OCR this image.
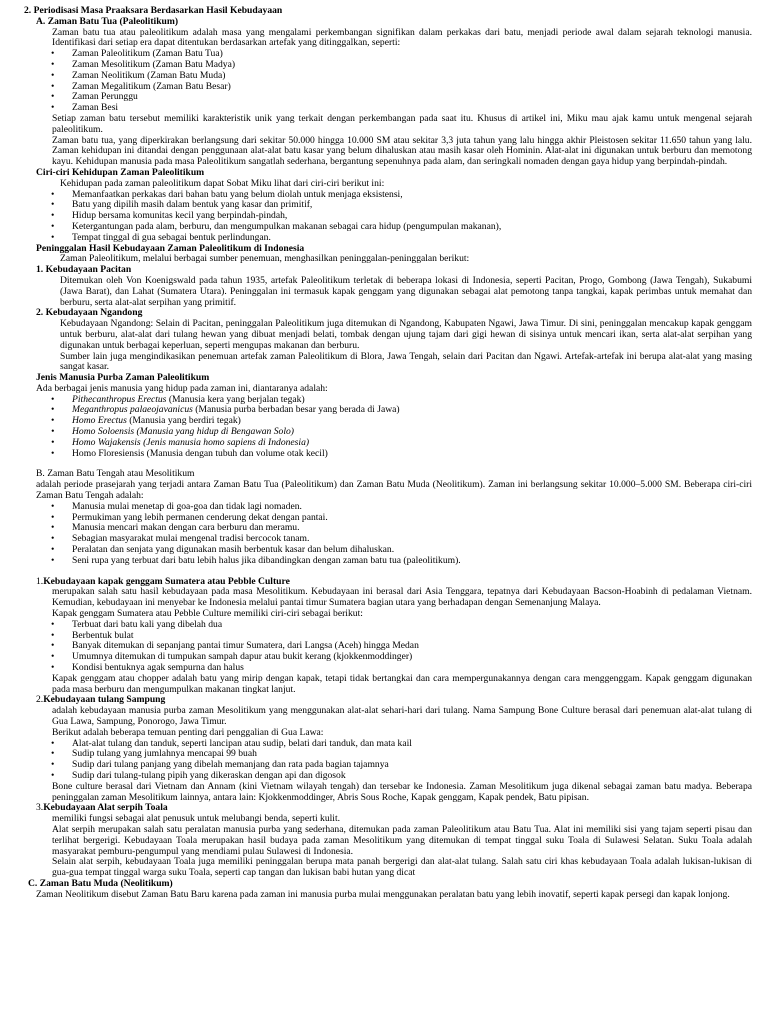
2. Periodisasi Masa Praaksara Berdasarkan Hasil Kebudayaan

A. Zaman Batu Tua (Paleolitikum)

Zaman batu tua atau paleolitikum adalah masa yang mengalami perkembangan signifikan dalam perkakas dari batu, menjadi periode awal dalam sejarah teknologi manusia. Identifikasi dari setiap era dapat ditentukan berdasarkan artefak yang ditinggalkan, seperti:

• Zaman Paleolitikum (Zaman Batu Tua)
• Zaman Mesolitikum (Zaman Batu Madya)
• Zaman Neolitikum (Zaman Batu Muda)
• Zaman Megalitikum (Zaman Batu Besar)
• Zaman Perunggu
• Zaman Besi

Setiap zaman batu tersebut memiliki karakteristik unik yang terkait dengan perkembangan pada saat itu. Khusus di artikel ini, Miku mau ajak kamu untuk mengenal sejarah paleolitikum.

Zaman batu tua, yang diperkirakan berlangsung dari sekitar 50.000 hingga 10.000 SM atau sekitar 3,3 juta tahun yang lalu hingga akhir Pleistosen sekitar 11.650 tahun yang lalu. Zaman kehidupan ini ditandai dengan penggunaan alat-alat batu kasar yang belum dihaluskan atau masih kasar oleh Hominin. Alat-alat ini digunakan untuk berburu dan memotong kayu. Kehidupan manusia pada masa Paleolitikum sangatlah sederhana, bergantung sepenuhnya pada alam, dan seringkali nomaden dengan gaya hidup yang berpindah-pindah.

Ciri-ciri Kehidupan Zaman Paleolitikum

Kehidupan pada zaman paleolitikum dapat Sobat Miku lihat dari ciri-ciri berikut ini:

• Memanfaatkan perkakas dari bahan batu yang belum diolah untuk menjaga eksistensi,
• Batu yang dipilih masih dalam bentuk yang kasar dan primitif,
• Hidup bersama komunitas kecil yang berpindah-pindah,
• Ketergantungan pada alam, berburu, dan mengumpulkan makanan sebagai cara hidup (pengumpulan makanan),
• Tempat tinggal di gua sebagai bentuk perlindungan.

Peninggalan Hasil Kebudayaan Zaman Paleolitikum di Indonesia

Zaman Paleolitikum, melalui berbagai sumber penemuan, menghasilkan peninggalan-peninggalan berikut:

1. Kebudayaan Pacitan

Ditemukan oleh Von Koenigswald pada tahun 1935, artefak Paleolitikum terletak di beberapa lokasi di Indonesia, seperti Pacitan, Progo, Gombong (Jawa Tengah), Sukabumi (Jawa Barat), dan Lahat (Sumatera Utara). Peninggalan ini termasuk kapak genggam yang digunakan sebagai alat pemotong tanpa tangkai, kapak perimbas untuk memahat dan berburu, serta alat-alat serpihan yang primitif.

2. Kebudayaan Ngandong

Kebudayaan Ngandong: Selain di Pacitan, peninggalan Paleolitikum juga ditemukan di Ngandong, Kabupaten Ngawi, Jawa Timur. Di sini, peninggalan mencakup kapak genggam untuk berburu, alat-alat dari tulang hewan yang dibuat menjadi belati, tombak dengan ujung tajam dari gigi hewan di sisinya untuk mencari ikan, serta alat-alat serpihan yang digunakan untuk berbagai keperluan, seperti mengupas makanan dan berburu.

Sumber lain juga mengindikasikan penemuan artefak zaman Paleolitikum di Blora, Jawa Tengah, selain dari Pacitan dan Ngawi. Artefak-artefak ini berupa alat-alat yang masing sangat kasar.

Jenis Manusia Purba Zaman Paleolitikum

Ada berbagai jenis manusia yang hidup pada zaman ini, diantaranya adalah:

• Pithecanthropus Erectus (Manusia kera yang berjalan tegak)
• Meganthropus palaeojavanicus (Manusia purba berbadan besar yang berada di Jawa)
• Homo Erectus (Manusia yang berdiri tegak)
• Homo Soloensis (Manusia yang hidup di Bengawan Solo)
• Homo Wajakensis (Jenis manusia homo sapiens di Indonesia)
• Homo Floresiensis (Manusia dengan tubuh dan volume otak kecil)

B. Zaman Batu Tengah atau Mesolitikum

adalah periode prasejarah yang terjadi antara Zaman Batu Tua (Paleolitikum) dan Zaman Batu Muda (Neolitikum). Zaman ini berlangsung sekitar 10.000–5.000 SM. Beberapa ciri-ciri Zaman Batu Tengah adalah:

• Manusia mulai menetap di goa-goa dan tidak lagi nomaden.
• Permukiman yang lebih permanen cenderung dekat dengan pantai.
• Manusia mencari makan dengan cara berburu dan meramu.
• Sebagian masyarakat mulai mengenal tradisi bercocok tanam.
• Peralatan dan senjata yang digunakan masih berbentuk kasar dan belum dihaluskan.
• Seni rupa yang terbuat dari batu lebih halus jika dibandingkan dengan zaman batu tua (paleolitikum).

1.Kebudayaan kapak genggam Sumatera atau Pebble Culture

merupakan salah satu hasil kebudayaan pada masa Mesolitikum. Kebudayaan ini berasal dari Asia Tenggara, tepatnya dari Kebudayaan Bacson-Hoabinh di pedalaman Vietnam. Kemudian, kebudayaan ini menyebar ke Indonesia melalui pantai timur Sumatera bagian utara yang berhadapan dengan Semenanjung Malaya.

Kapak genggam Sumatera atau Pebble Culture memiliki ciri-ciri sebagai berikut:

• Terbuat dari batu kali yang dibelah dua
• Berbentuk bulat
• Banyak ditemukan di sepanjang pantai timur Sumatera, dari Langsa (Aceh) hingga Medan
• Umumnya ditemukan di tumpukan sampah dapur atau bukit kerang (kjokkenmoddinger)
• Kondisi bentuknya agak sempurna dan halus

Kapak genggam atau chopper adalah batu yang mirip dengan kapak, tetapi tidak bertangkai dan cara mempergunakannya dengan cara menggenggam. Kapak genggam digunakan pada masa berburu dan mengumpulkan makanan tingkat lanjut.

2.Kebudayaan tulang Sampung

adalah kebudayaan manusia purba zaman Mesolitikum yang menggunakan alat-alat sehari-hari dari tulang. Nama Sampung Bone Culture berasal dari penemuan alat-alat tulang di Gua Lawa, Sampung, Ponorogo, Jawa Timur.

Berikut adalah beberapa temuan penting dari penggalian di Gua Lawa:

• Alat-alat tulang dan tanduk, seperti lancipan atau sudip, belati dari tanduk, dan mata kail
• Sudip tulang yang jumlahnya mencapai 99 buah
• Sudip dari tulang panjang yang dibelah memanjang dan rata pada bagian tajamnya
• Sudip dari tulang-tulang pipih yang dikeraskan dengan api dan digosok

Bone culture berasal dari Vietnam dan Annam (kini Vietnam wilayah tengah) dan tersebar ke Indonesia. Zaman Mesolitikum juga dikenal sebagai zaman batu madya. Beberapa peninggalan zaman Mesolitikum lainnya, antara lain: Kjokkenmoddinger, Abris Sous Roche, Kapak genggam, Kapak pendek, Batu pipisan.

3.Kebudayaan Alat serpih Toala

memiliki fungsi sebagai alat penusuk untuk melubangi benda, seperti kulit.

Alat serpih merupakan salah satu peralatan manusia purba yang sederhana, ditemukan pada zaman Paleolitikum atau Batu Tua. Alat ini memiliki sisi yang tajam seperti pisau dan terlihat bergerigi. Kebudayaan Toala merupakan hasil budaya pada zaman Mesolitikum yang ditemukan di tempat tinggal suku Toala di Sulawesi Selatan. Suku Toala adalah masyarakat pemburu-pengumpul yang mendiami pulau Sulawesi di Indonesia.

Selain alat serpih, kebudayaan Toala juga memiliki peninggalan berupa mata panah bergerigi dan alat-alat tulang. Salah satu ciri khas kebudayaan Toala adalah lukisan-lukisan di gua-gua tempat tinggal warga suku Toala, seperti cap tangan dan lukisan babi hutan yang dicat

C. Zaman Batu Muda (Neolitikum)

Zaman Neolitikum disebut Zaman Batu Baru karena pada zaman ini manusia purba mulai menggunakan peralatan batu yang lebih inovatif, seperti kapak persegi dan kapak lonjong.
